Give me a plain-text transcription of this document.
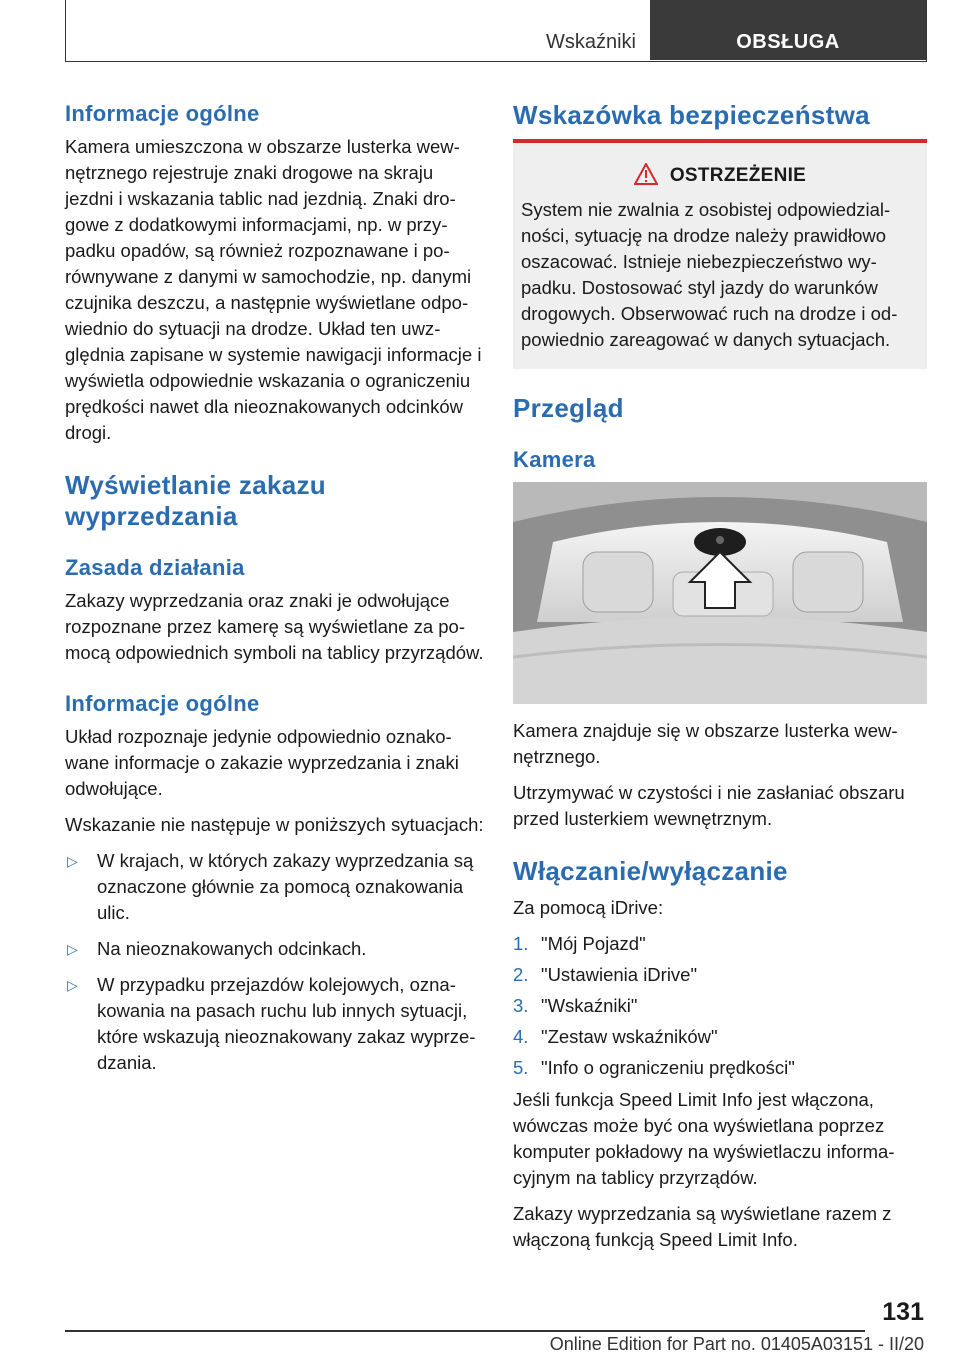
Wskaźniki	OBSŁUGA
Informacje ogólne

Kamera umieszczona w obszarze lusterka wewnętrznego rejestruje znaki drogowe na skraju jezdni i wskazania tablic nad jezdnią. Znaki drogowe z dodatkowymi informacjami, np. w przypadku opadów, są również rozpoznawane i porównywane z danymi w samochodzie, np. danymi czujnika deszczu, a następnie wyświetlane odpowiednio do sytuacji na drodze. Układ ten uwzględnia zapisane w systemie nawigacji informacje i wyświetla odpowiednie wskazania o ograniczeniu prędkości nawet dla nieoznakowanych odcinków drogi.

Wyświetlanie zakazu wyprzedzania
Zasada działania

Zakazy wyprzedzania oraz znaki je odwołujące rozpoznane przez kamerę są wyświetlane za pomocą odpowiednich symboli na tablicy przyrządów.

Informacje ogólne

Układ rozpoznaje jedynie odpowiednio oznakowane informacje o zakazie wyprzedzania i znaki odwołujące.

Wskazanie nie następuje w poniższych sytuacjach:

▷ W krajach, w których zakazy wyprzedzania są oznaczone głównie za pomocą oznakowania ulic.
▷ Na nieoznakowanych odcinkach.
▷ W przypadku przejazdów kolejowych, oznakowania na pasach ruchu lub innych sytuacji, które wskazują nieoznakowany zakaz wyprzedzania.
Wskazówka bezpieczeństwa
OSTRZEŻENIE

System nie zwalnia z osobistej odpowiedzialności, sytuację na drodze należy prawidłowo oszacować. Istnieje niebezpieczeństwo wypadku. Dostosować styl jazdy do warunków drogowych. Obserwować ruch na drodze i odpowiednio zareagować w danych sytuacjach.

Przegląd
Kamera

Kamera znajduje się w obszarze lusterka wewnętrznego.

Utrzymywać w czystości i nie zasłaniać obszaru przed lusterkiem wewnętrznym.

Włączanie/wyłączanie

Za pomocą iDrive:

1. "Mój Pojazd"
2. "Ustawienia iDrive"
3. "Wskaźniki"
4. "Zestaw wskaźników"
5. "Info o ograniczeniu prędkości"

Jeśli funkcja Speed Limit Info jest włączona, wówczas może być ona wyświetlana poprzez komputer pokładowy na wyświetlaczu informacyjnym na tablicy przyrządów.

Zakazy wyprzedzania są wyświetlane razem z włączoną funkcją Speed Limit Info.

131
Online Edition for Part no. 01405A03151 - II/20
